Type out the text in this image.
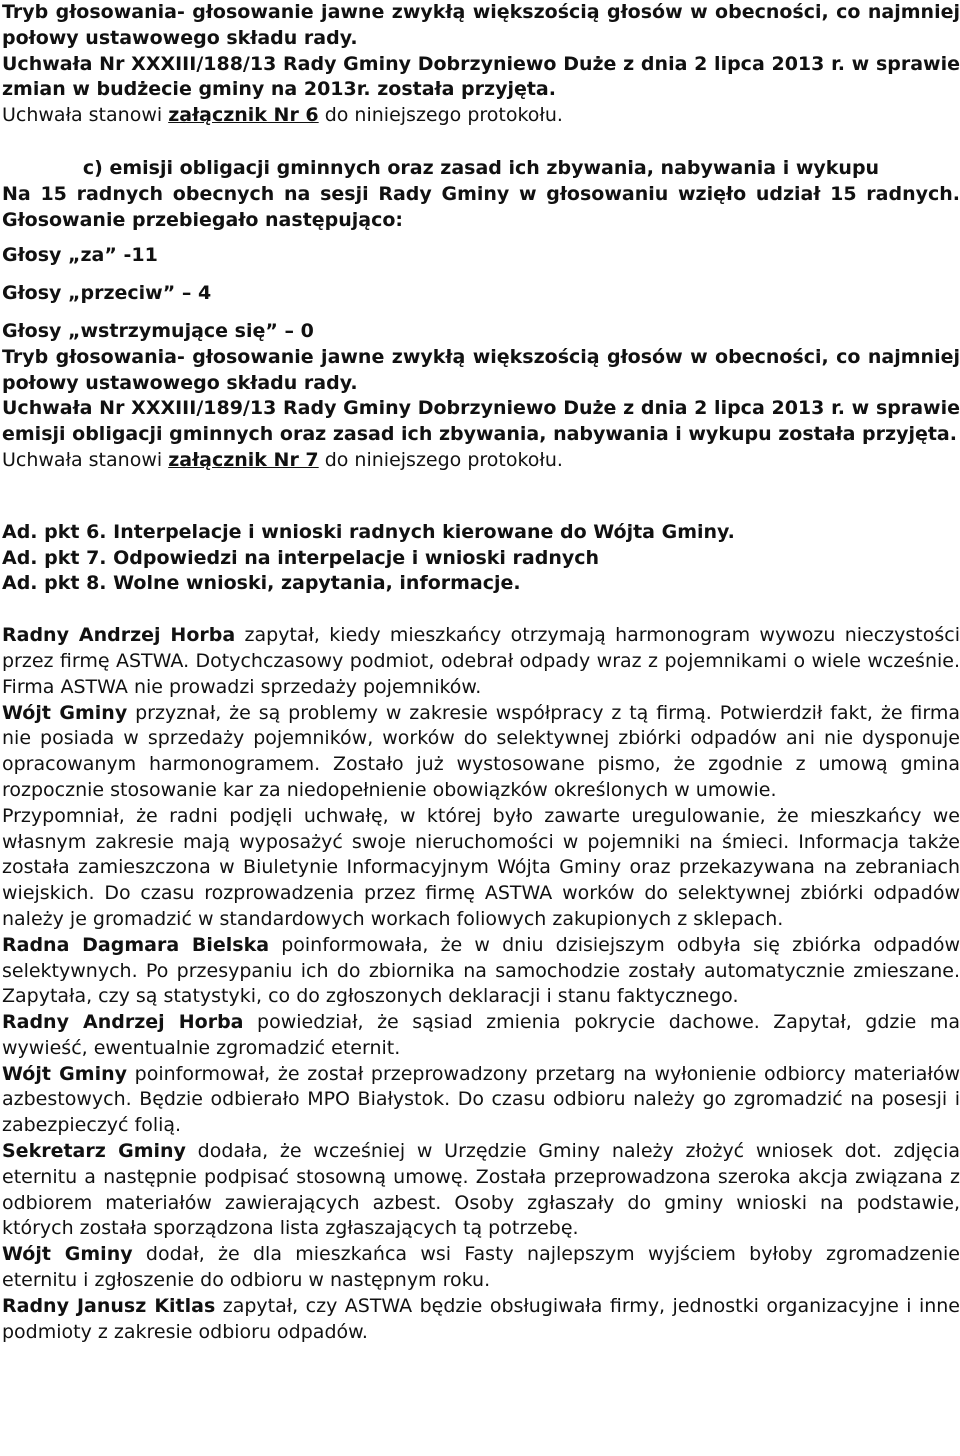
Tryb głosowania- głosowanie jawne zwykłą większością głosów w obecności, co najmniej połowy ustawowego składu rady.

Uchwała Nr XXXIII/188/13 Rady Gminy Dobrzyniewo Duże z dnia 2 lipca 2013 r. w sprawie zmian w budżecie gminy na 2013r. została przyjęta.

Uchwała stanowi załącznik Nr 6 do niniejszego protokołu.

c) emisji obligacji gminnych oraz zasad ich zbywania, nabywania i wykupu

Na 15 radnych obecnych na sesji Rady Gminy w głosowaniu wzięło udział 15 radnych. Głosowanie przebiegało następująco:

Głosy „za” -11

Głosy „przeciw” – 4

Głosy „wstrzymujące się” – 0

Tryb głosowania- głosowanie jawne zwykłą większością głosów w obecności, co najmniej połowy ustawowego składu rady.

Uchwała Nr XXXIII/189/13 Rady Gminy Dobrzyniewo Duże z dnia 2 lipca 2013 r. w sprawie emisji obligacji gminnych oraz zasad ich zbywania, nabywania i wykupu została przyjęta.

Uchwała stanowi załącznik Nr 7 do niniejszego protokołu.

Ad. pkt 6. Interpelacje i wnioski radnych kierowane do Wójta Gminy.

Ad. pkt 7. Odpowiedzi na interpelacje i wnioski radnych

Ad. pkt 8. Wolne wnioski, zapytania, informacje.

Radny Andrzej Horba zapytał, kiedy mieszkańcy otrzymają harmonogram wywozu nieczystości przez firmę ASTWA. Dotychczasowy podmiot, odebrał odpady wraz z pojemnikami o wiele wcześnie. Firma ASTWA nie prowadzi sprzedaży pojemników.

Wójt Gminy przyznał, że są problemy w zakresie współpracy z tą firmą. Potwierdził fakt, że firma nie posiada w sprzedaży pojemników, worków do selektywnej zbiórki odpadów ani nie dysponuje opracowanym harmonogramem. Zostało już wystosowane pismo, że zgodnie z umową gmina rozpocznie stosowanie kar za niedopełnienie obowiązków określonych w umowie.

Przypomniał, że radni podjęli uchwałę, w której było zawarte uregulowanie, że mieszkańcy we własnym zakresie mają wyposażyć swoje nieruchomości w pojemniki na śmieci. Informacja także została zamieszczona w Biuletynie Informacyjnym Wójta Gminy oraz przekazywana na zebraniach wiejskich. Do czasu rozprowadzenia przez firmę ASTWA worków do selektywnej zbiórki odpadów należy je gromadzić w standardowych workach foliowych zakupionych z sklepach.

Radna Dagmara Bielska poinformowała, że w dniu dzisiejszym odbyła się zbiórka odpadów selektywnych. Po przesypaniu ich do zbiornika na samochodzie zostały automatycznie zmieszane. Zapytała, czy są statystyki, co do zgłoszonych deklaracji i stanu faktycznego.

Radny Andrzej Horba powiedział, że sąsiad zmienia pokrycie dachowe. Zapytał, gdzie ma wywieść, ewentualnie zgromadzić eternit.

Wójt Gminy poinformował, że został przeprowadzony przetarg na wyłonienie odbiorcy materiałów azbestowych. Będzie odbierało MPO Białystok. Do czasu odbioru należy go zgromadzić na posesji i zabezpieczyć folią.

Sekretarz Gminy dodała, że wcześniej w Urzędzie Gminy należy złożyć wniosek dot. zdjęcia eternitu a następnie podpisać stosowną umowę. Została przeprowadzona szeroka akcja związana z odbiorem materiałów zawierających azbest. Osoby zgłaszały do gminy wnioski na podstawie, których została sporządzona lista zgłaszających tą potrzebę.

Wójt Gminy dodał, że dla mieszkańca wsi Fasty najlepszym wyjściem byłoby zgromadzenie eternitu i zgłoszenie do odbioru w następnym roku.

Radny Janusz Kitlas zapytał, czy ASTWA będzie obsługiwała firmy, jednostki organizacyjne i inne podmioty z zakresie odbioru odpadów.
